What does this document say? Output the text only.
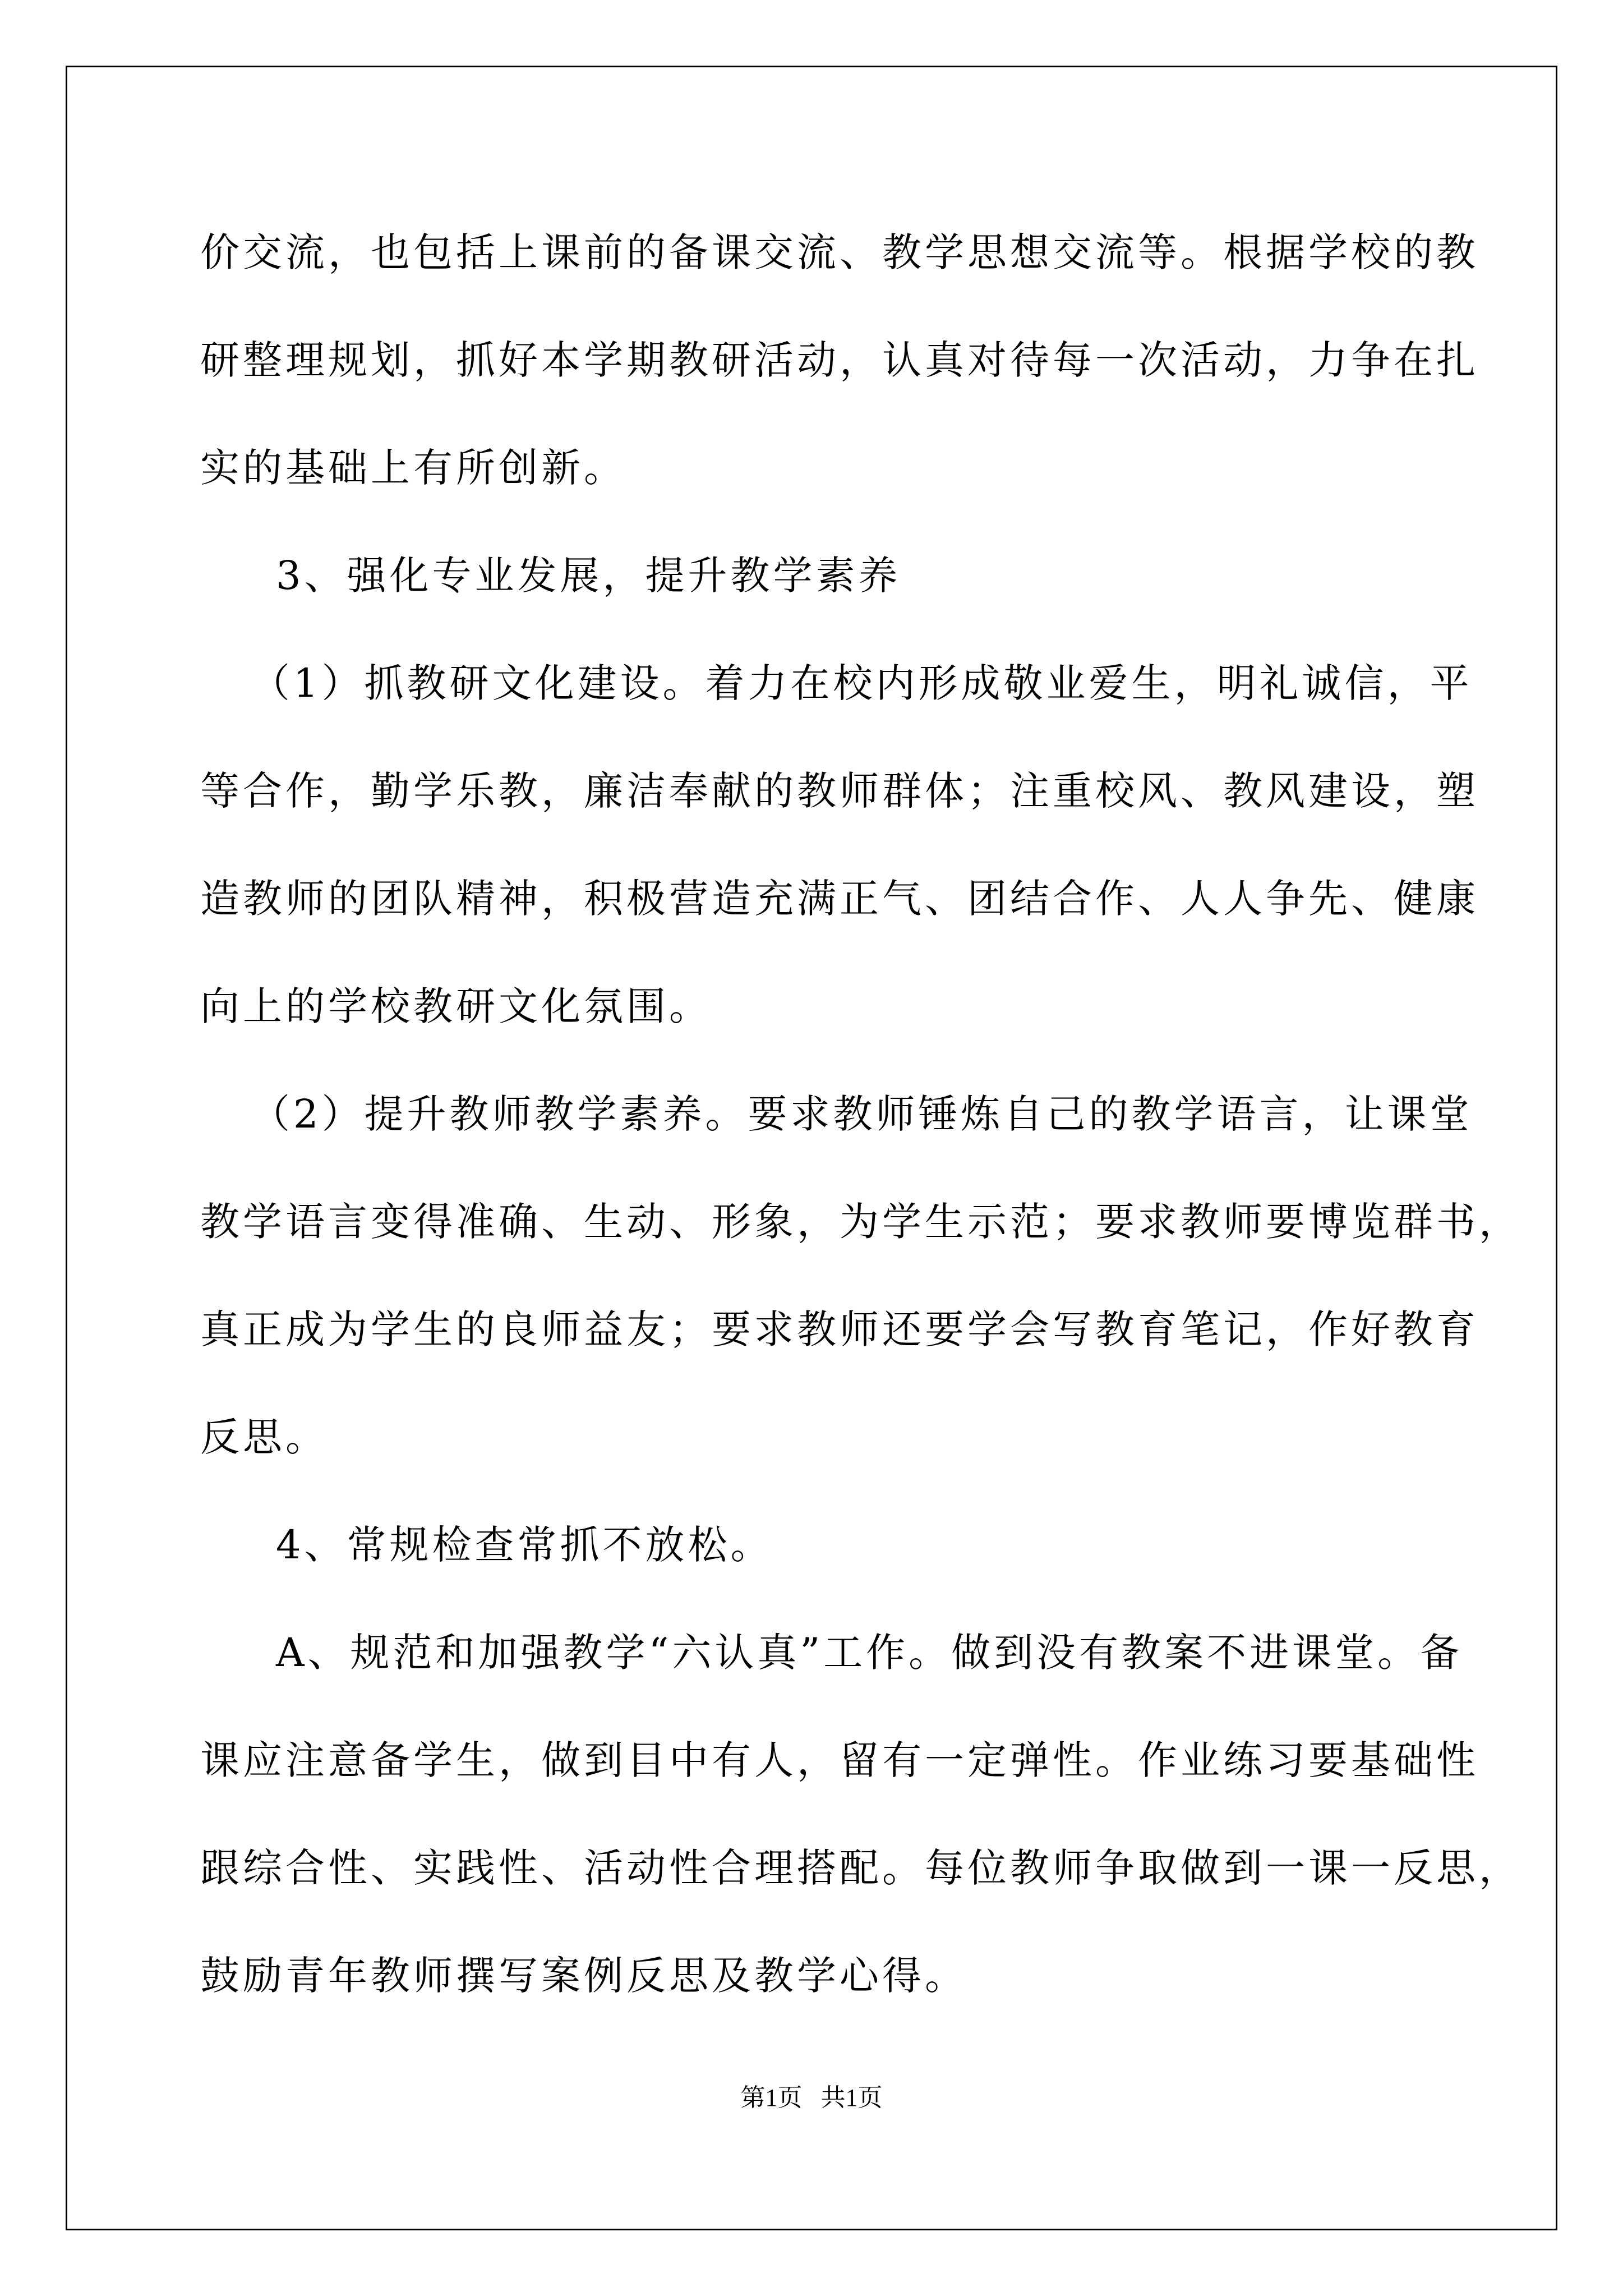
价交流，也包括上课前的备课交流、教学思想交流等。根据学校的教
研整理规划，抓好本学期教研活动，认真对待每一次活动，力争在扎
实的基础上有所创新。
3、强化专业发展，提升教学素养
（1）抓教研文化建设。着力在校内形成敬业爱生，明礼诚信，平
等合作，勤学乐教，廉洁奉献的教师群体；注重校风、教风建设，塑
造教师的团队精神，积极营造充满正气、团结合作、人人争先、健康
向上的学校教研文化氛围。
（2）提升教师教学素养。要求教师锤炼自己的教学语言，让课堂
教学语言变得准确、生动、形象，为学生示范；要求教师要博览群书，
真正成为学生的良师益友；要求教师还要学会写教育笔记，作好教育
反思。
4、常规检查常抓不放松。
A、规范和加强教学“六认真”工作。做到没有教案不进课堂。备
课应注意备学生，做到目中有人，留有一定弹性。作业练习要基础性
跟综合性、实践性、活动性合理搭配。每位教师争取做到一课一反思，
鼓励青年教师撰写案例反思及教学心得。
第1页   共1页
